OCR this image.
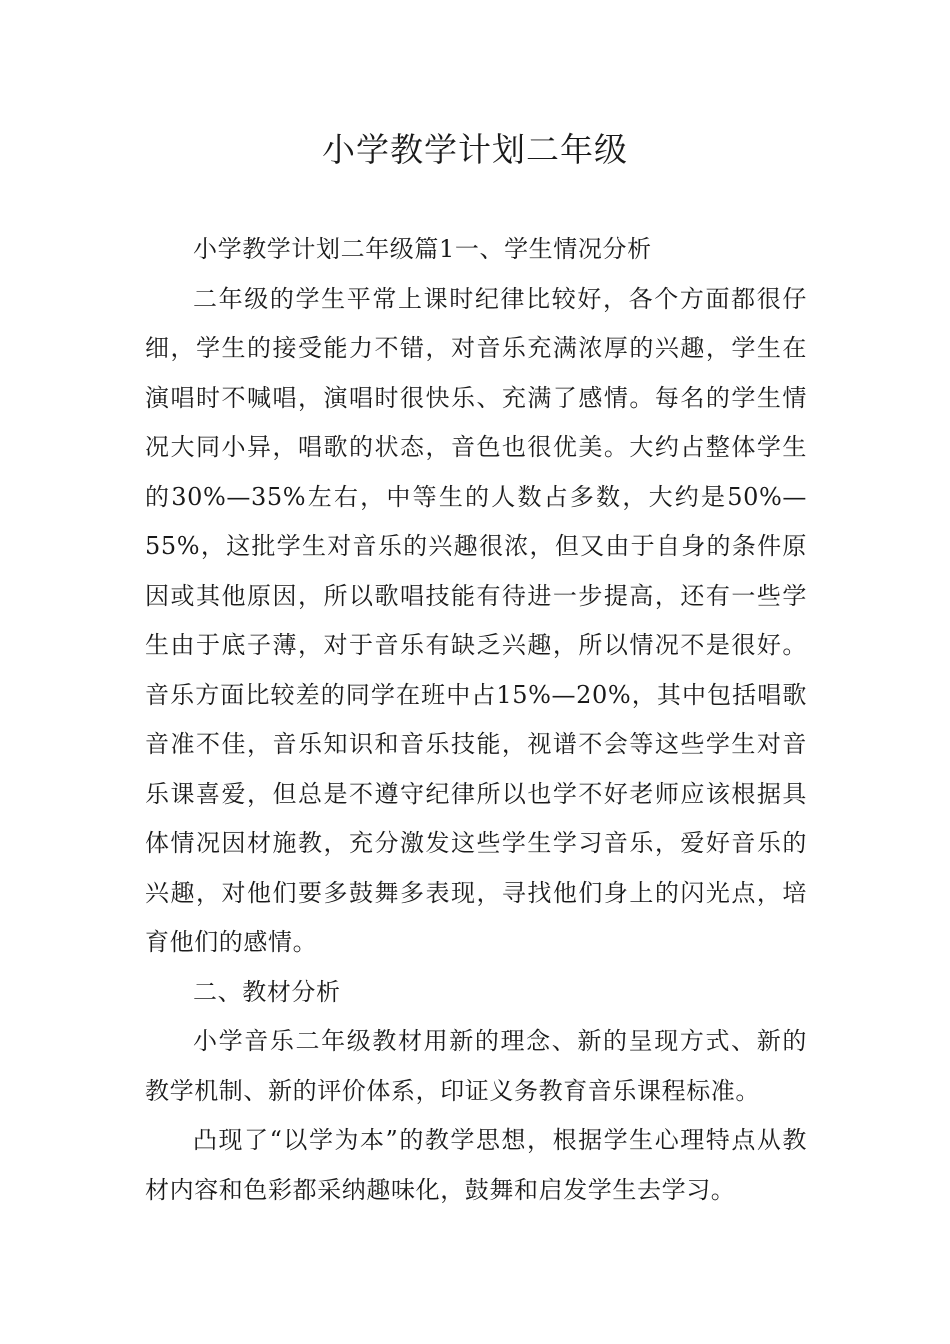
小学教学计划二年级

小学教学计划二年级篇1一、学生情况分析

二年级的学生平常上课时纪律比较好，各个方面都很仔细，学生的接受能力不错，对音乐充满浓厚的兴趣，学生在演唱时不喊唱，演唱时很快乐、充满了感情。每名的学生情况大同小异，唱歌的状态，音色也很优美。大约占整体学生的30%—35%左右，中等生的人数占多数，大约是50%—55%，这批学生对音乐的兴趣很浓，但又由于自身的条件原因或其他原因，所以歌唱技能有待进一步提高，还有一些学生由于底子薄，对于音乐有缺乏兴趣，所以情况不是很好。音乐方面比较差的同学在班中占15%—20%，其中包括唱歌音准不佳，音乐知识和音乐技能，视谱不会等这些学生对音乐课喜爱，但总是不遵守纪律所以也学不好老师应该根据具体情况因材施教，充分激发这些学生学习音乐，爱好音乐的兴趣，对他们要多鼓舞多表现，寻找他们身上的闪光点，培育他们的感情。

二、教材分析

小学音乐二年级教材用新的理念、新的呈现方式、新的教学机制、新的评价体系，印证义务教育音乐课程标准。

凸现了“以学为本”的教学思想，根据学生心理特点从教材内容和色彩都采纳趣味化，鼓舞和启发学生去学习。
